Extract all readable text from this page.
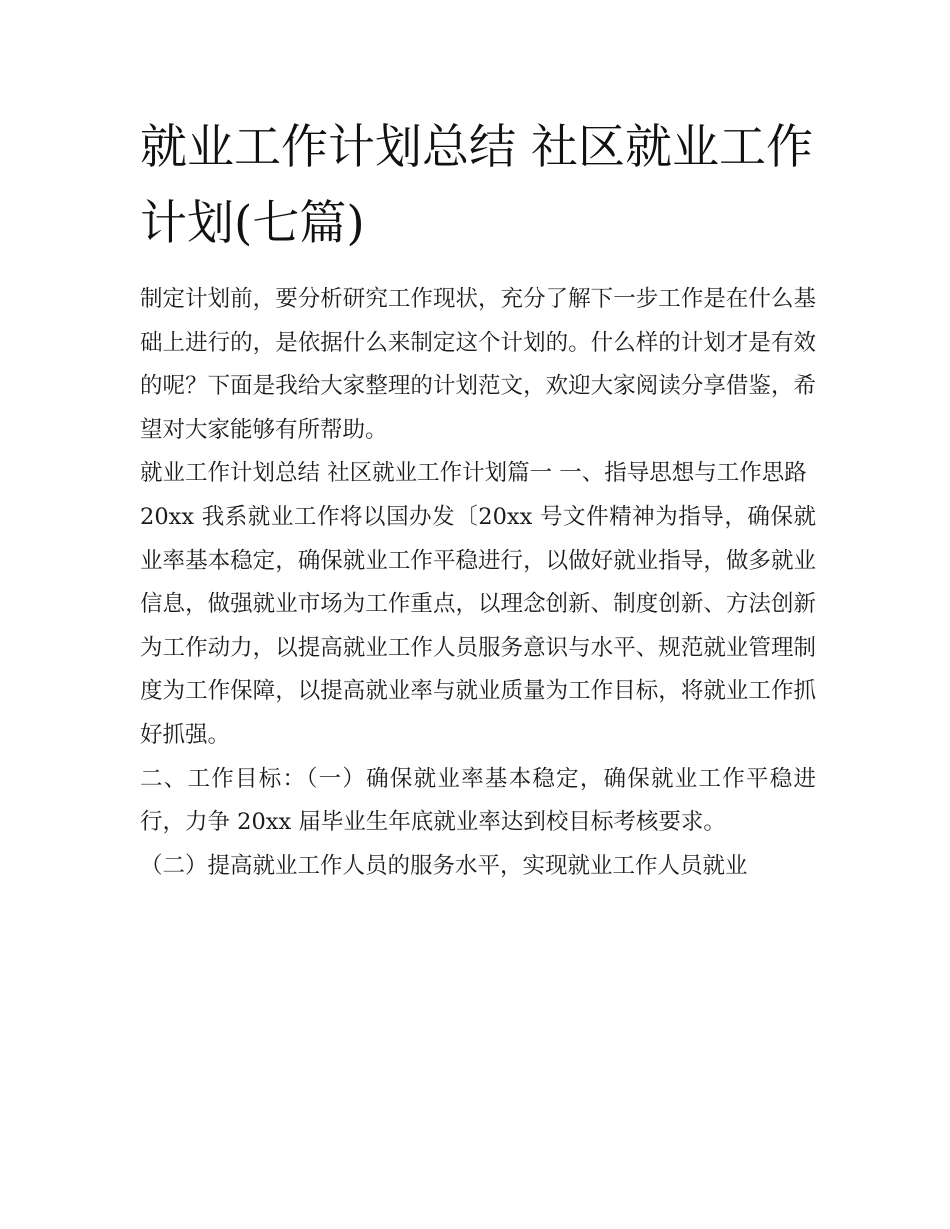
就业工作计划总结 社区就业工作计划(七篇)

制定计划前，要分析研究工作现状，充分了解下一步工作是在什么基础上进行的，是依据什么来制定这个计划的。什么样的计划才是有效的呢？下面是我给大家整理的计划范文，欢迎大家阅读分享借鉴，希望对大家能够有所帮助。

就业工作计划总结 社区就业工作计划篇一 一、指导思想与工作思路

20xx 我系就业工作将以国办发〔20xx 号文件精神为指导，确保就业率基本稳定，确保就业工作平稳进行，以做好就业指导，做多就业信息，做强就业市场为工作重点，以理念创新、制度创新、方法创新为工作动力，以提高就业工作人员服务意识与水平、规范就业管理制度为工作保障，以提高就业率与就业质量为工作目标，将就业工作抓好抓强。

二、工作目标：（一）确保就业率基本稳定，确保就业工作平稳进行，力争 20xx 届毕业生年底就业率达到校目标考核要求。

（二）提高就业工作人员的服务水平，实现就业工作人员就业
